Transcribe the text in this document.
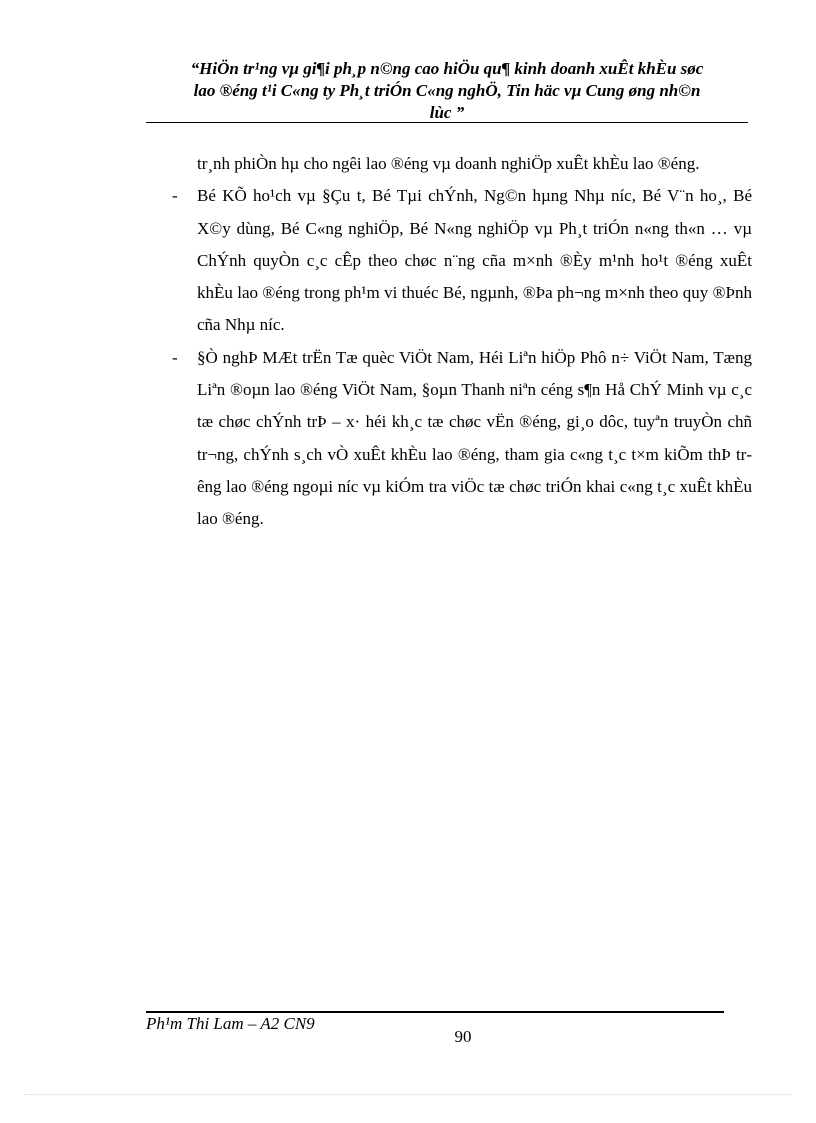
“HiÖn tr¹ng vµ gi¶i ph¸p n©ng cao hiÖu qu¶ kinh doanh xuÊt khÈu søc
lao ®éng t¹i C«ng ty Ph¸t triÓn C«ng nghÖ, Tin häc vµ Cung øng nh©n
lùc ”

tr¸nh phiÒn hµ cho ngêi lao ®éng vµ doanh nghiÖp xuÊt khÈu lao ®éng.

- Bé KÕ ho¹ch vµ §Çu t, Bé Tµi chÝnh, Ng©n hµng Nhµ níc, Bé V¨n ho¸, Bé X©y dùng, Bé C«ng nghiÖp, Bé N«ng nghiÖp vµ Ph¸t triÓn n«ng th«n … vµ ChÝnh quyÒn c¸c cÊp theo chøc n¨ng cña m×nh ®Èy m¹nh ho¹t ®éng xuÊt khÈu lao ®éng trong ph¹m vi thuéc Bé, ngµnh, ®Þa ph¬ng m×nh theo quy ®Þnh cña Nhµ níc.

- §Ò nghÞ MÆt trËn Tæ quèc ViÖt Nam, Héi Liªn hiÖp Phô n÷ ViÖt Nam, Tæng Liªn ®oµn lao ®éng ViÖt Nam, §oµn Thanh niªn céng s¶n Hå ChÝ Minh vµ c¸c tæ chøc chÝnh trÞ – x· héi kh¸c tæ chøc vËn ®éng, gi¸o dôc, tuyªn truyÒn chñ tr¬ng, chÝnh s¸ch vÒ xuÊt khÈu lao ®éng, tham gia c«ng t¸c t×m kiÕm thÞ trêng lao ®éng ngoµi níc vµ kiÓm tra viÖc tæ chøc triÓn khai c«ng t¸c xuÊt khÈu lao ®éng.

Ph¹m Thi Lam – A2 CN9
90
